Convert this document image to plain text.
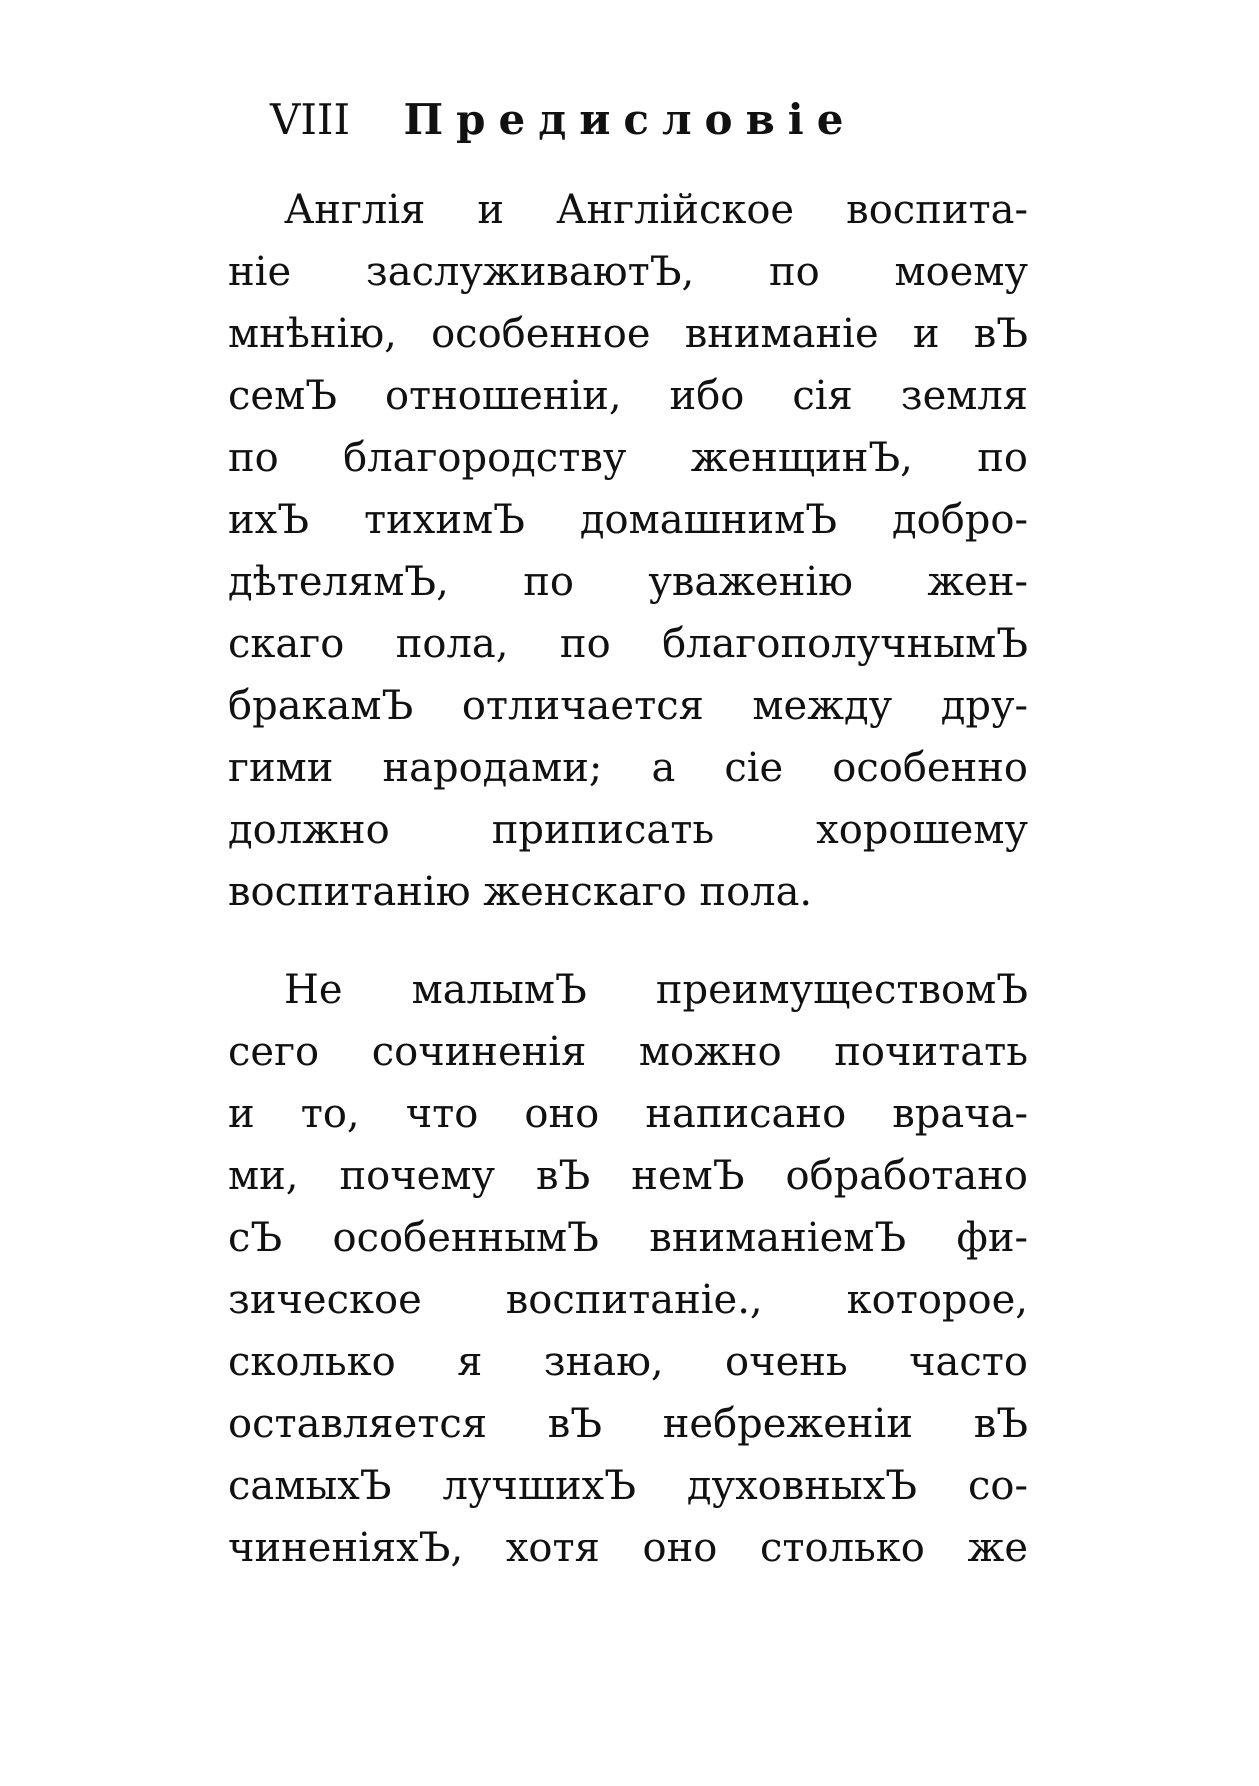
VIII Предисловіе
Англія и Англійское воспита-
ніе заслуживаютЪ, по моему
мнѣнію, особенное вниманіе и вЪ
семЪ отношеніи, ибо сія земля
по благородству женщинЪ, по
ихЪ тихимЪ домашнимЪ добро-
дѣтелямЪ, по уваженію жен-
скаго пола, по благополучнымЪ
бракамЪ отличается между дру-
гими народами; а сіе особенно
должно приписать хорошему
воспитанію женскаго пола.
Не малымЪ преимуществомЪ
сего сочиненія можно почитать
и то, что оно написано врача-
ми, почему вЪ немЪ обработано
сЪ особеннымЪ вниманіемЪ фи-
зическое воспитаніе., которое,
сколько я знаю, очень часто
оставляется вЪ небреженіи вЪ
самыхЪ лучшихЪ духовныхЪ со-
чиненіяхЪ, хотя оно столько же
